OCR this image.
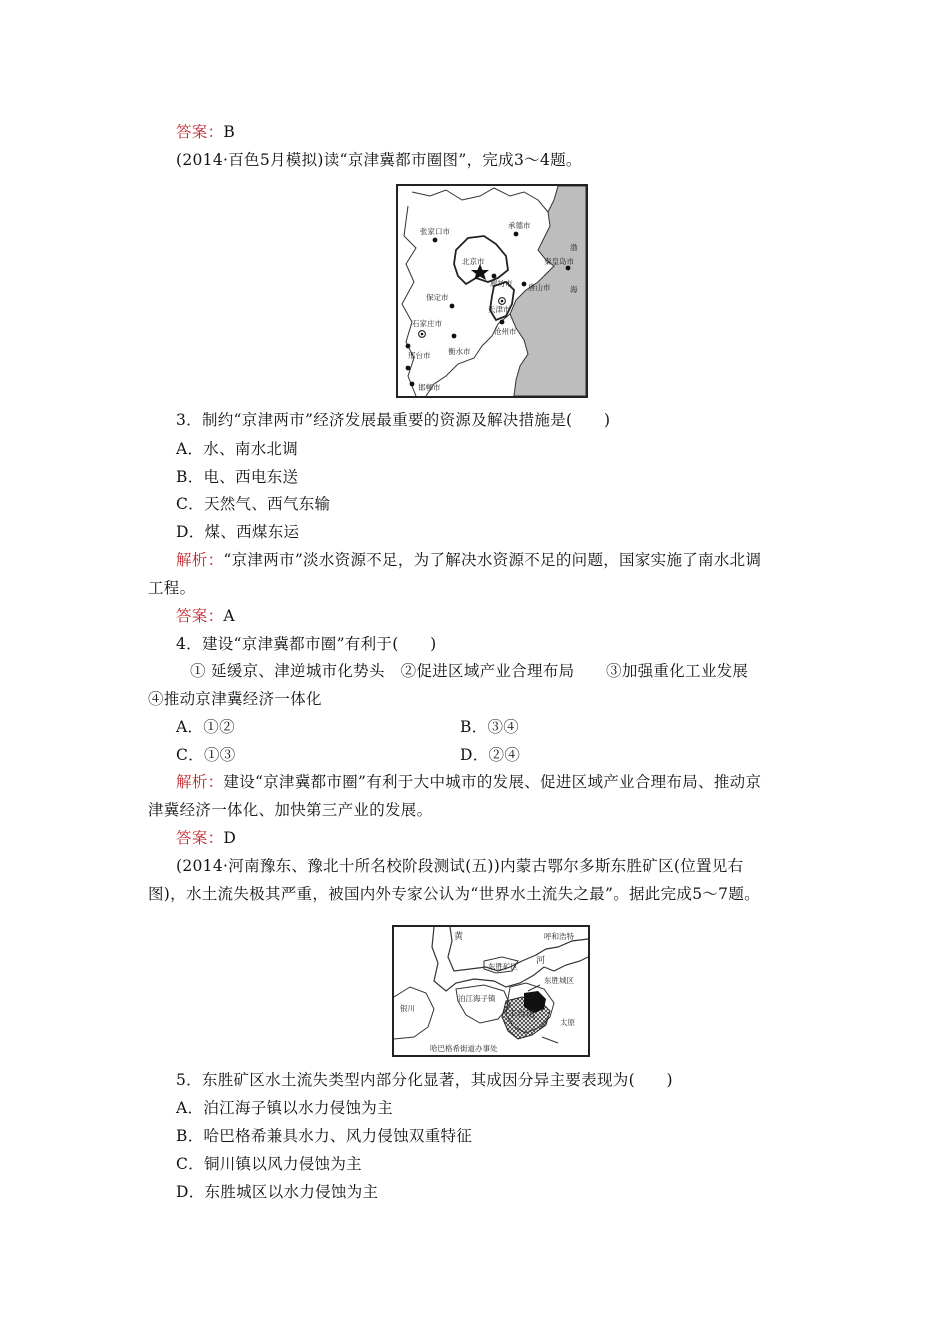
答案：B
(2014·百色5月模拟)读“京津冀都市圈图”，完成3～4题。
张家口市
承德市
北京市	秦皇岛市
渤
海
廊坊市 唐山市
保定市
天津市
石家庄市
沧州市
邢台市 衡水市
邯郸市
3．制约“京津两市”经济发展最重要的资源及解决措施是(　　)
A．水、南水北调
B．电、西电东送
C．天然气、西气东输
D．煤、西煤东运
解析：“京津两市”淡水资源不足，为了解决水资源不足的问题，国家实施了南水北调
工程。
答案：A
4．建设“京津冀都市圈”有利于(　　)
① 延缓京、津逆城市化势头　②促进区域产业合理布局　　③加强重化工业发展
④推动京津冀经济一体化
A．①②	B．③④
C．①③	D．②④
解析：建设“京津冀都市圈”有利于大中城市的发展、促进区域产业合理布局、推动京
津冀经济一体化、加快第三产业的发展。
答案：D
(2014·河南豫东、豫北十所名校阶段测试(五))内蒙古鄂尔多斯东胜矿区(位置见右
图)，水土流失极其严重，被国内外专家公认为“世界水土流失之最”。据此完成5～7题。
黄
河
呼和浩特
东胜矿区
东胜城区
泊江海子镇
银川
丰台镇
太原
哈巴格希街道办事处
5．东胜矿区水土流失类型内部分化显著，其成因分异主要表现为(　　)
A．泊江海子镇以水力侵蚀为主
B．哈巴格希兼具水力、风力侵蚀双重特征
C．铜川镇以风力侵蚀为主
D．东胜城区以水力侵蚀为主
